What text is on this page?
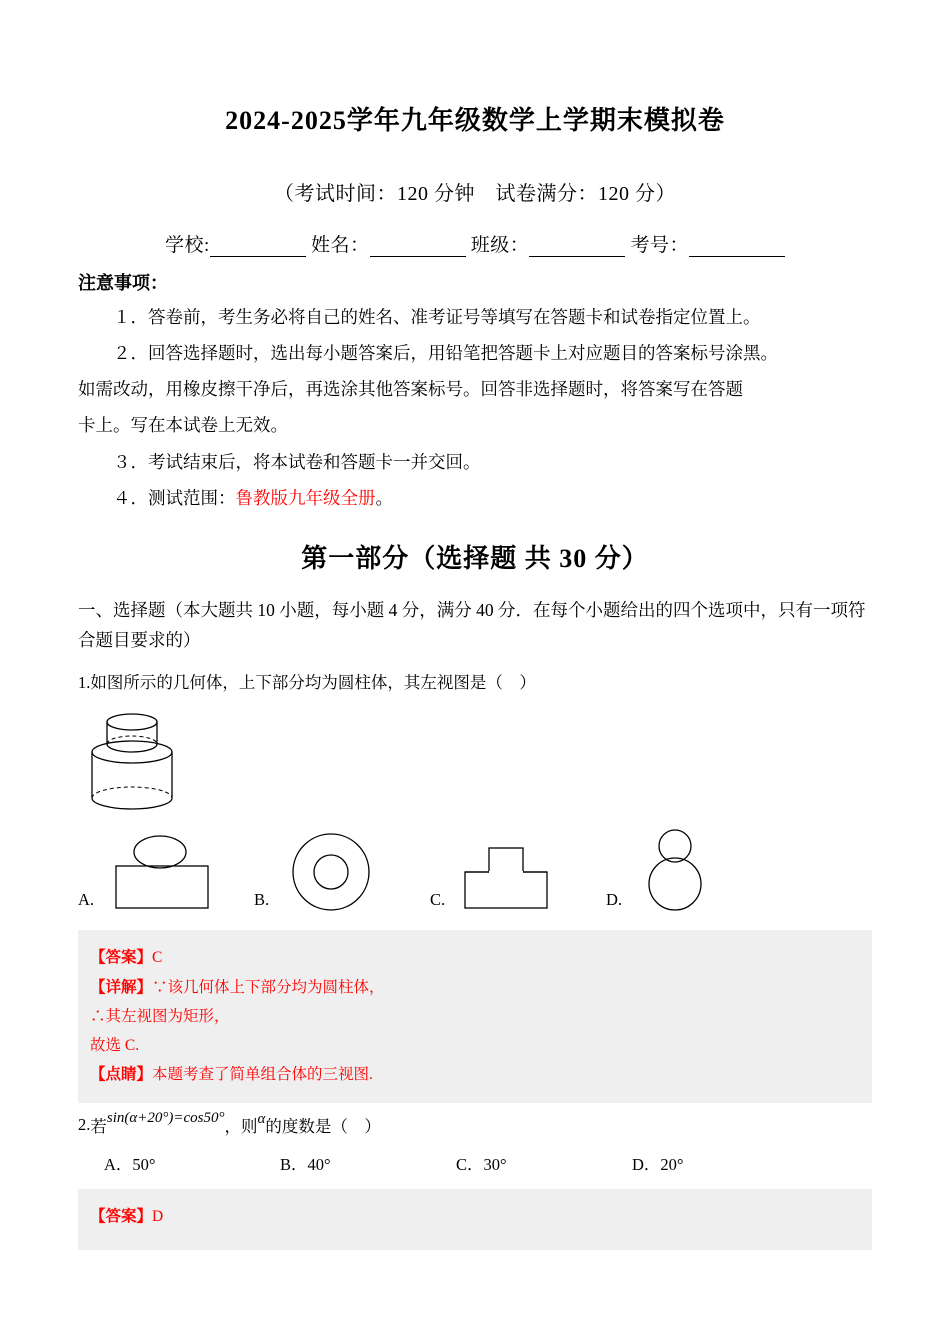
2024-2025学年九年级数学上学期末模拟卷
（考试时间：120 分钟　试卷满分：120 分）
学校:	姓名：	班级：	考号：
注意事项：
１．答卷前，考生务必将自己的姓名、准考证号等填写在答题卡和试卷指定位置上。
２．回答选择题时，选出每小题答案后，用铅笔把答题卡上对应题目的答案标号涂黑。
如需改动，用橡皮擦干净后，再选涂其他答案标号。回答非选择题时，将答案写在答题
卡上。写在本试卷上无效。
３．考试结束后，将本试卷和答题卡一并交回。
４．测试范围：鲁教版九年级全册。
第一部分（选择题 共 30 分）
一、选择题（本大题共 10 小题，每小题 4 分，满分 40 分．在每个小题给出的四个选项中，只有一项符合题目要求的）
1.如图所示的几何体，上下部分均为圆柱体，其左视图是（　）
A.	B.	C.	D.
【答案】C
【详解】∵该几何体上下部分均为圆柱体，
∴其左视图为矩形，
故选 C.
【点睛】本题考查了简单组合体的三视图.
2. 若 sin(α+20°)=cos50° ，则 α 的度数是（　）
A．50°	B．40°	C．30°	D．20°
【答案】D
